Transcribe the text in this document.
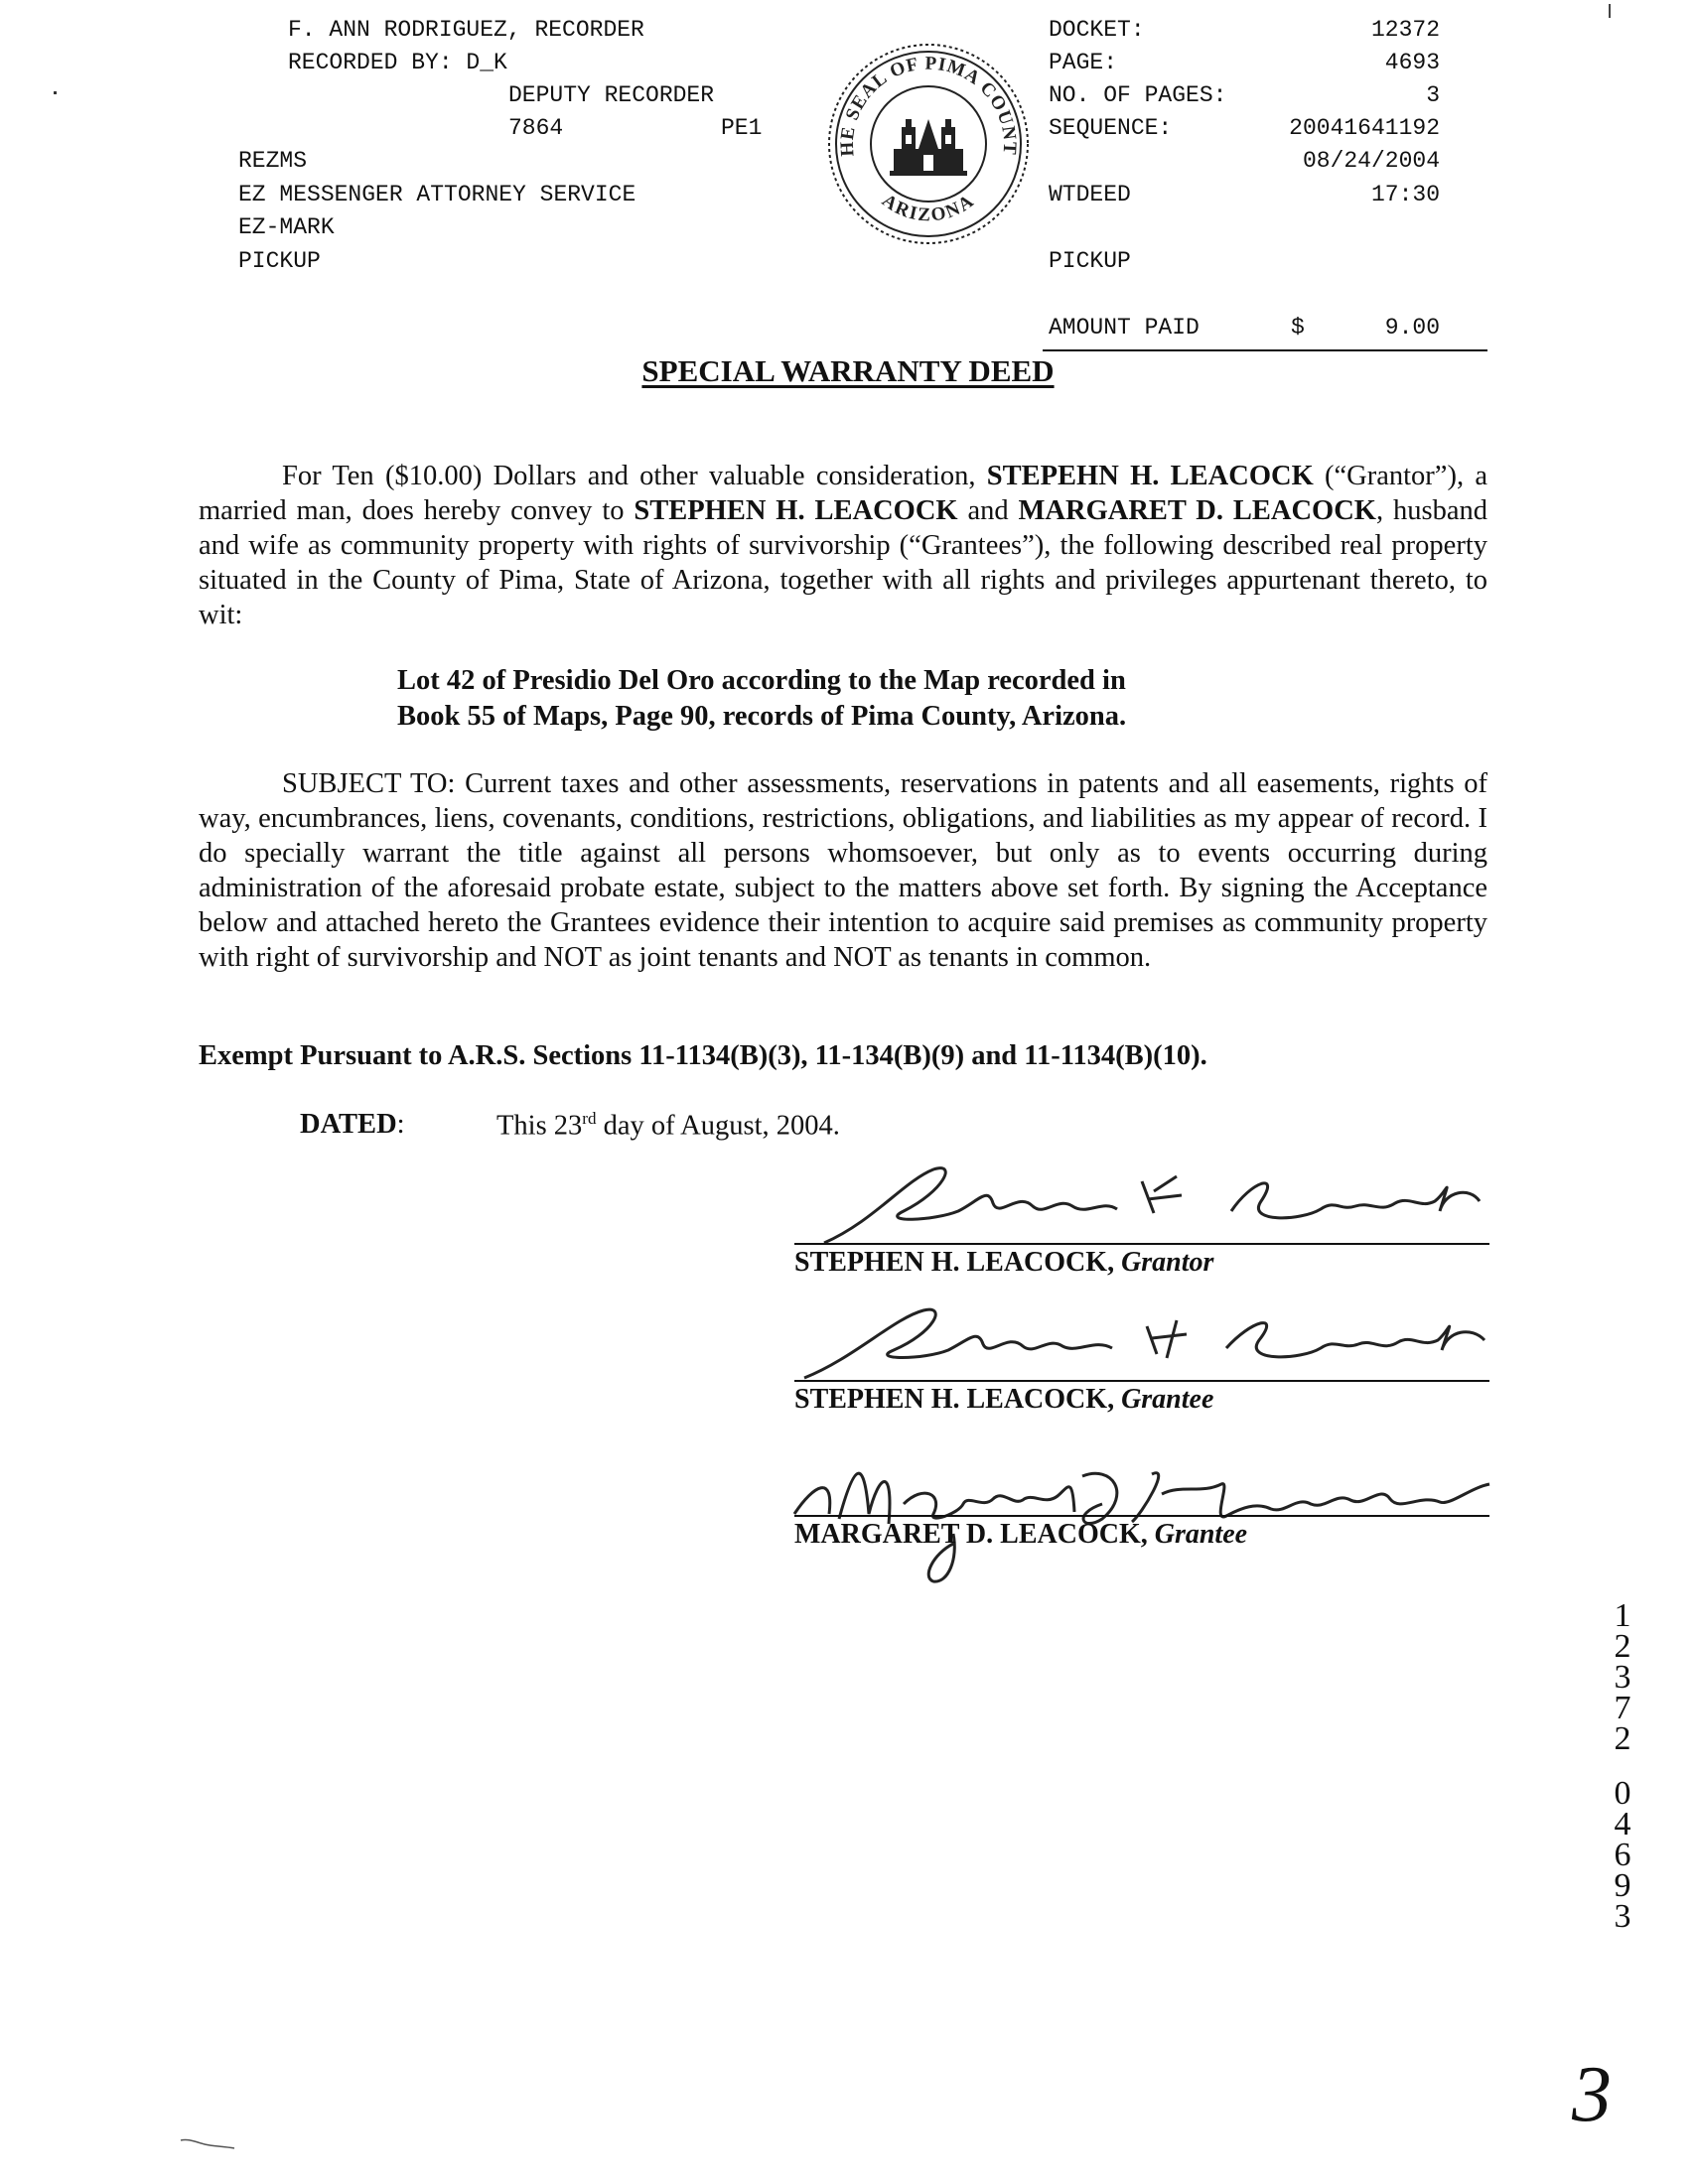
F. ANN RODRIGUEZ, RECORDER
RECORDED BY: D_K
DEPUTY RECORDER
7864	PE1
REZMS
EZ MESSENGER ATTORNEY SERVICE
EZ-MARK
PICKUP
HE SEAL OF PIMA COUNT
ARIZONA
DOCKET:	12372
PAGE:	4693
NO. OF PAGES:	3
SEQUENCE:	20041641192
08/24/2004
WTDEED	17:30
PICKUP
AMOUNT PAID	$	9.00
SPECIAL WARRANTY DEED
For Ten ($10.00) Dollars and other valuable consideration, STEPEHN H. LEACOCK (“Grantor”), a married man, does hereby convey to STEPHEN H. LEACOCK and MARGARET D. LEACOCK, husband and wife as community property with rights of survivorship (“Grantees”), the following described real property situated in the County of Pima, State of Arizona, together with all rights and privileges appurtenant thereto, to wit:
Lot 42 of Presidio Del Oro according to the Map recorded in
Book 55 of Maps, Page 90, records of Pima County, Arizona.
SUBJECT TO: Current taxes and other assessments, reservations in patents and all easements, rights of way, encumbrances, liens, covenants, conditions, restrictions, obligations, and liabilities as my appear of record. I do specially warrant the title against all persons whomsoever, but only as to events occurring during administration of the aforesaid probate estate, subject to the matters above set forth. By signing the Acceptance below and attached hereto the Grantees evidence their intention to acquire said premises as community property with right of survivorship and NOT as joint tenants and NOT as tenants in common.
Exempt Pursuant to A.R.S. Sections 11-1134(B)(3), 11-134(B)(9) and 11-1134(B)(10).
DATED:	This 23rd day of August, 2004.
STEPHEN H. LEACOCK, Grantor
STEPHEN H. LEACOCK, Grantee
MARGARET D. LEACOCK, Grantee
1
2
3
7
2

0
4
6
9
3
3
